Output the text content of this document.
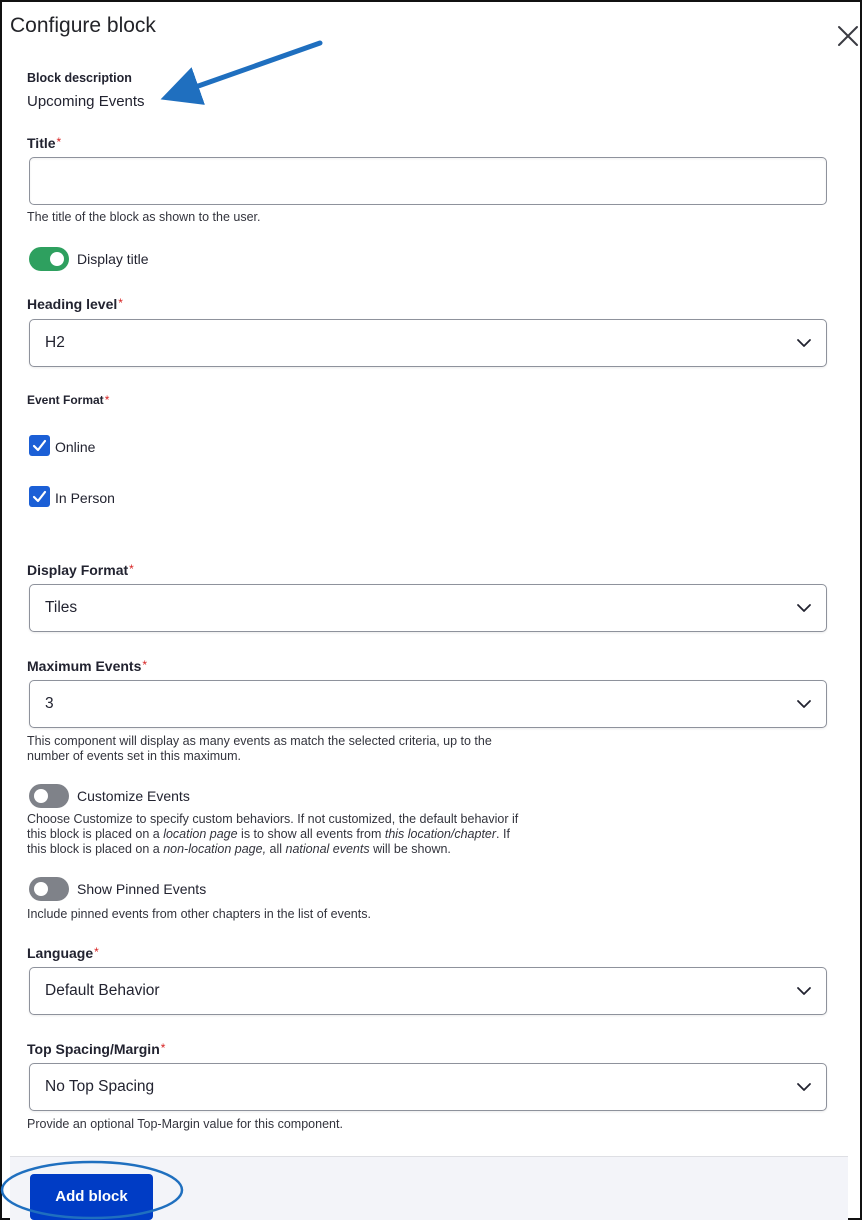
Configure block
Block description
Upcoming Events
Title*
The title of the block as shown to the user.
Display title
Heading level*
H2
Event Format*
Online
In Person
Display Format*
Tiles
Maximum Events*
3
This component will display as many events as match the selected criteria, up to the
number of events set in this maximum.
Customize Events
Choose Customize to specify custom behaviors. If not customized, the default behavior if
this block is placed on a location page is to show all events from this location/chapter. If
this block is placed on a non-location page, all national events will be shown.
Show Pinned Events
Include pinned events from other chapters in the list of events.
Language*
Default Behavior
Top Spacing/Margin*
No Top Spacing
Provide an optional Top-Margin value for this component.
Add block
